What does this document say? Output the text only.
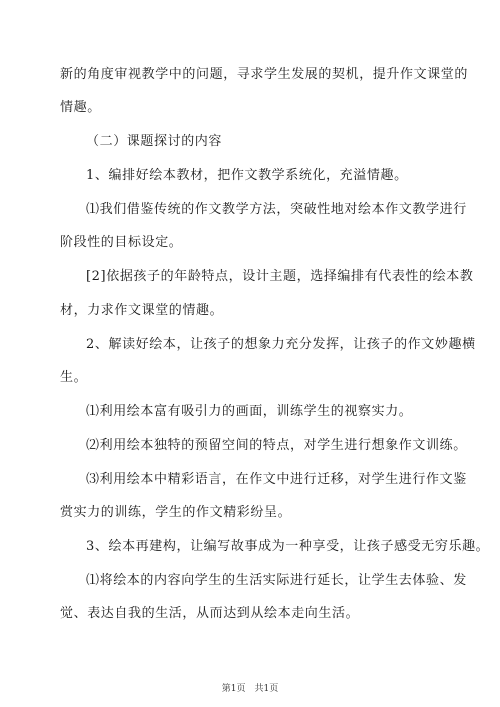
新的角度审视教学中的问题，寻求学生发展的契机，提升作文课堂的
情趣。
（二）课题探讨的内容
1、编排好绘本教材，把作文教学系统化，充溢情趣。
⑴我们借鉴传统的作文教学方法，突破性地对绘本作文教学进行
阶段性的目标设定。
[2]依据孩子的年龄特点，设计主题，选择编排有代表性的绘本教
材，力求作文课堂的情趣。
2、解读好绘本，让孩子的想象力充分发挥，让孩子的作文妙趣横
生。
⑴利用绘本富有吸引力的画面，训练学生的视察实力。
⑵利用绘本独特的预留空间的特点，对学生进行想象作文训练。
⑶利用绘本中精彩语言，在作文中进行迁移，对学生进行作文鉴
赏实力的训练，学生的作文精彩纷呈。
3、绘本再建构，让编写故事成为一种享受，让孩子感受无穷乐趣。
⑴将绘本的内容向学生的生活实际进行延长，让学生去体验、发
觉、表达自我的生活，从而达到从绘本走向生活。
第1页　共1页
